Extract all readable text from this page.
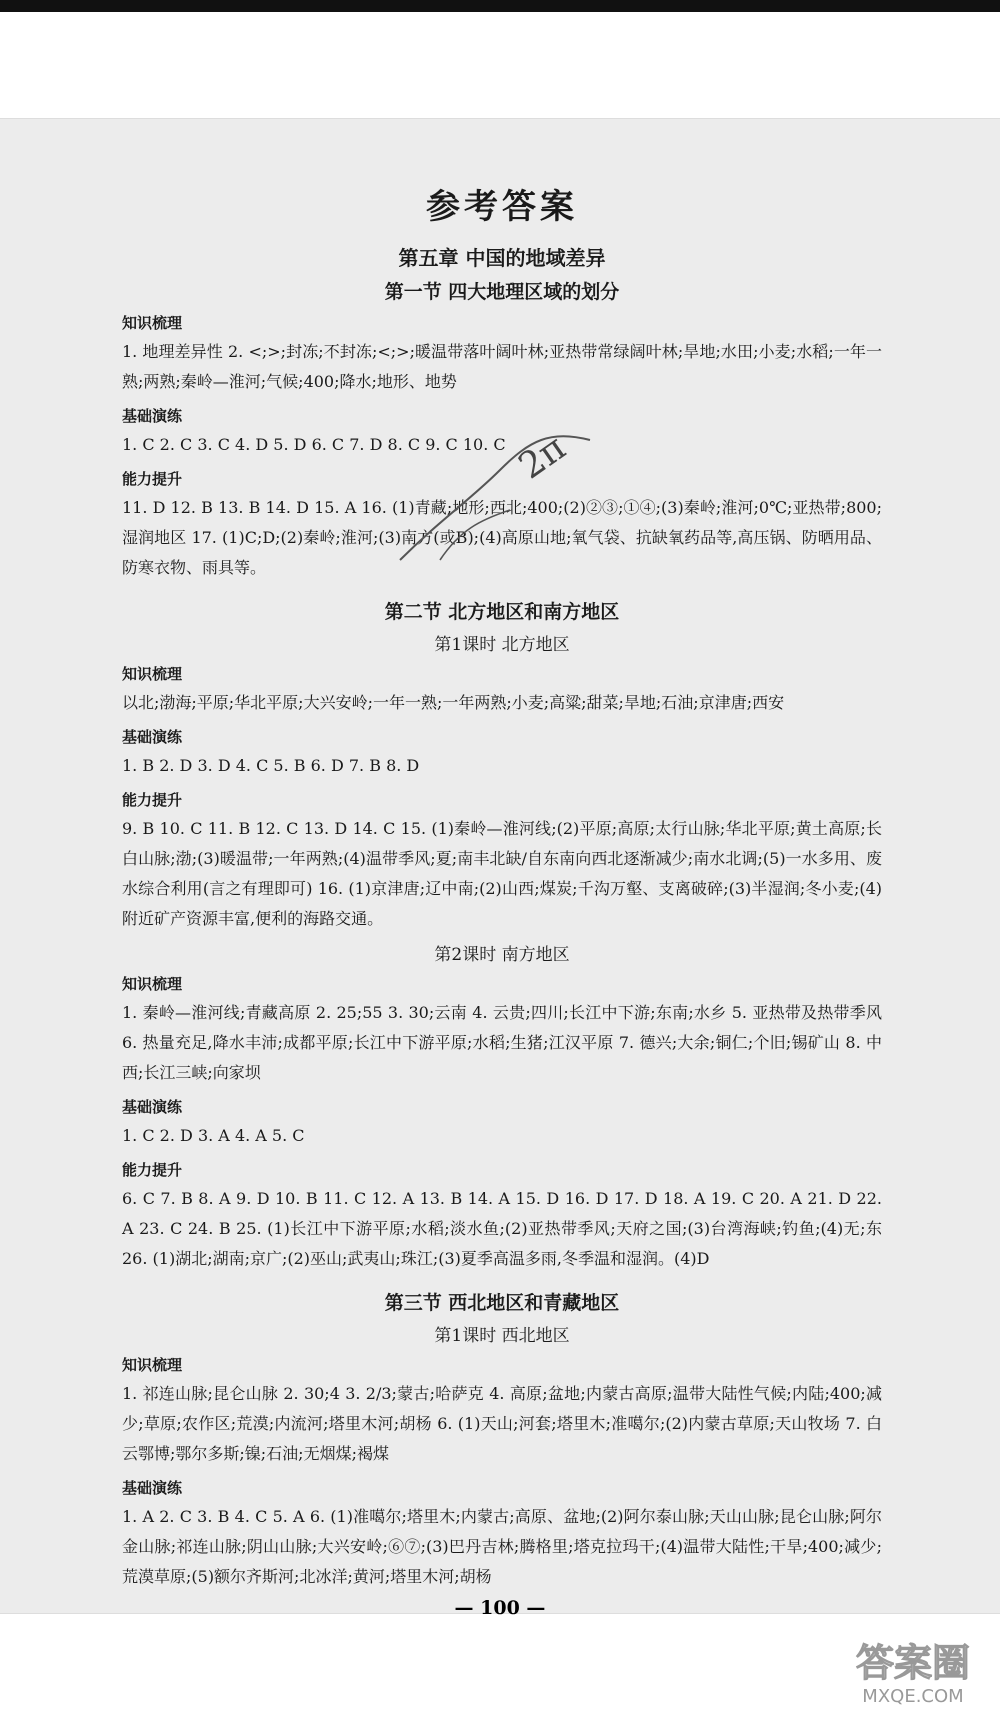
参考答案
第五章 中国的地域差异
第一节 四大地理区域的划分
知识梳理
1. 地理差异性 2. <;>;封冻;不封冻;<;>;暖温带落叶阔叶林;亚热带常绿阔叶林;旱地;水田;小麦;水稻;一年一熟;两熟;秦岭—淮河;气候;400;降水;地形、地势
基础演练
1. C 2. C 3. C 4. D 5. D 6. C 7. D 8. C 9. C 10. C
能力提升
11. D 12. B 13. B 14. D 15. A 16. (1)青藏;地形;西北;400;(2)②③;①④;(3)秦岭;淮河;0℃;亚热带;800;湿润地区 17. (1)C;D;(2)秦岭;淮河;(3)南方(或B);(4)高原山地;氧气袋、抗缺氧药品等,高压锅、防晒用品、防寒衣物、雨具等。
第二节 北方地区和南方地区
第1课时 北方地区
知识梳理
以北;渤海;平原;华北平原;大兴安岭;一年一熟;一年两熟;小麦;高粱;甜菜;旱地;石油;京津唐;西安
基础演练
1. B 2. D 3. D 4. C 5. B 6. D 7. B 8. D
能力提升
9. B 10. C 11. B 12. C 13. D 14. C 15. (1)秦岭—淮河线;(2)平原;高原;太行山脉;华北平原;黄土高原;长白山脉;渤;(3)暖温带;一年两熟;(4)温带季风;夏;南丰北缺/自东南向西北逐渐减少;南水北调;(5)一水多用、废水综合利用(言之有理即可) 16. (1)京津唐;辽中南;(2)山西;煤炭;千沟万壑、支离破碎;(3)半湿润;冬小麦;(4)附近矿产资源丰富,便利的海路交通。
第2课时 南方地区
知识梳理
1. 秦岭—淮河线;青藏高原 2. 25;55 3. 30;云南 4. 云贵;四川;长江中下游;东南;水乡 5. 亚热带及热带季风 6. 热量充足,降水丰沛;成都平原;长江中下游平原;水稻;生猪;江汉平原 7. 德兴;大余;铜仁;个旧;锡矿山 8. 中西;长江三峡;向家坝
基础演练
1. C 2. D 3. A 4. A 5. C
能力提升
6. C 7. B 8. A 9. D 10. B 11. C 12. A 13. B 14. A 15. D 16. D 17. D 18. A 19. C 20. A 21. D 22. A 23. C 24. B 25. (1)长江中下游平原;水稻;淡水鱼;(2)亚热带季风;天府之国;(3)台湾海峡;钓鱼;(4)无;东 26. (1)湖北;湖南;京广;(2)巫山;武夷山;珠江;(3)夏季高温多雨,冬季温和湿润。(4)D
第三节 西北地区和青藏地区
第1课时 西北地区
知识梳理
1. 祁连山脉;昆仑山脉 2. 30;4 3. 2/3;蒙古;哈萨克 4. 高原;盆地;内蒙古高原;温带大陆性气候;内陆;400;减少;草原;农作区;荒漠;内流河;塔里木河;胡杨 6. (1)天山;河套;塔里木;准噶尔;(2)内蒙古草原;天山牧场 7. 白云鄂博;鄂尔多斯;镍;石油;无烟煤;褐煤
基础演练
1. A 2. C 3. B 4. C 5. A 6. (1)准噶尔;塔里木;内蒙古;高原、盆地;(2)阿尔泰山脉;天山山脉;昆仑山脉;阿尔金山脉;祁连山脉;阴山山脉;大兴安岭;⑥⑦;(3)巴丹吉林;腾格里;塔克拉玛干;(4)温带大陆性;干旱;400;减少;荒漠草原;(5)额尔齐斯河;北冰洋;黄河;塔里木河;胡杨
— 100 —
2π
答案圈
MXQE.COM
